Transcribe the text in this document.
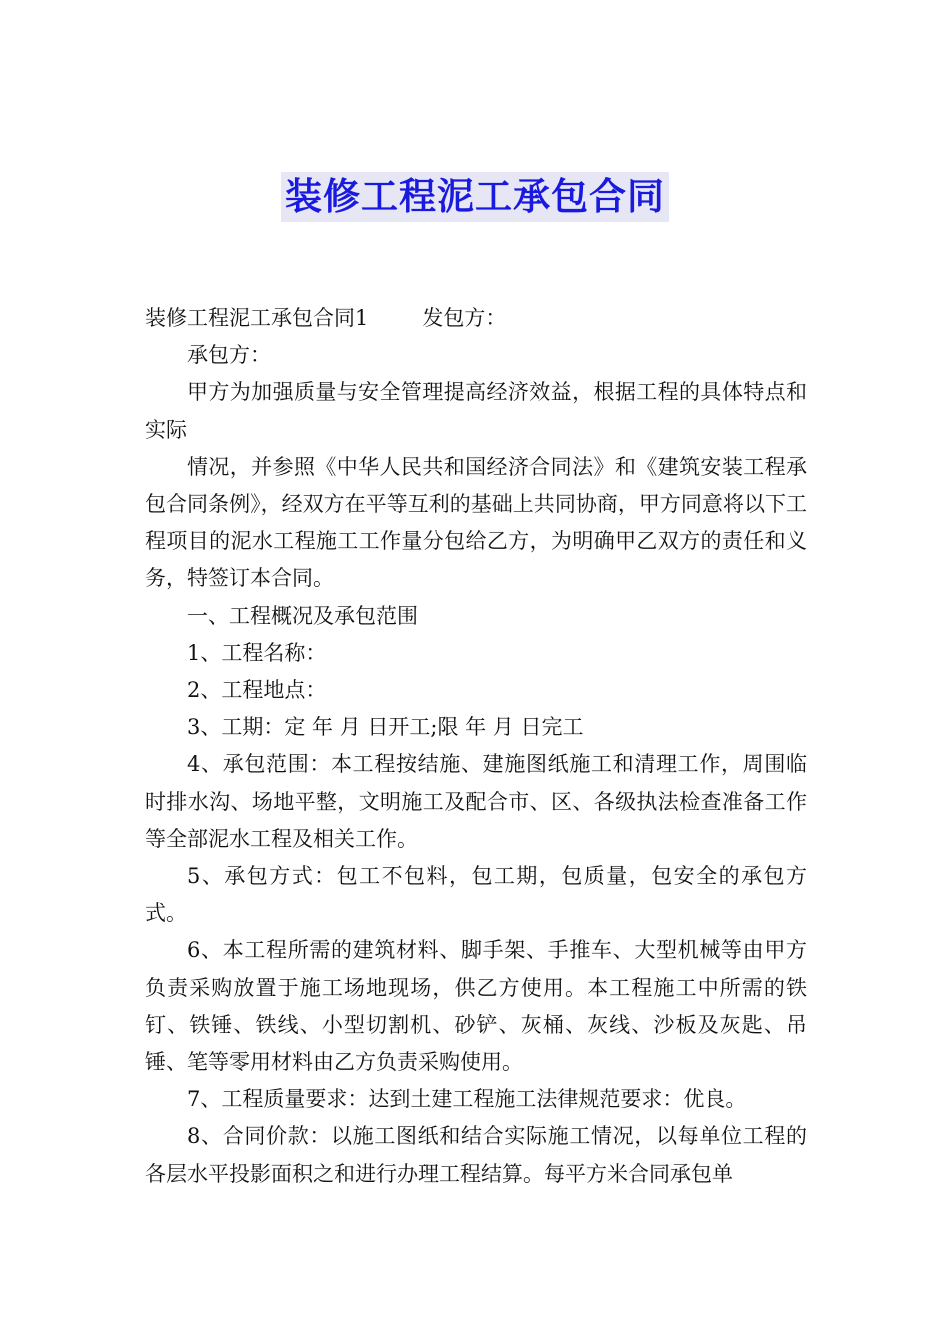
装修工程泥工承包合同

装修工程泥工承包合同1	发包方：

承包方：

甲方为加强质量与安全管理提高经济效益，根据工程的具体特点和实际

情况，并参照《中华人民共和国经济合同法》和《建筑安装工程承包合同条例》，经双方在平等互利的基础上共同协商，甲方同意将以下工程项目的泥水工程施工工作量分包给乙方，为明确甲乙双方的责任和义务，特签订本合同。

一、工程概况及承包范围

1、工程名称：

2、工程地点：

3、工期：定 年 月 日开工;限 年 月 日完工

4、承包范围：本工程按结施、建施图纸施工和清理工作，周围临时排水沟、场地平整，文明施工及配合市、区、各级执法检查准备工作等全部泥水工程及相关工作。

5、承包方式：包工不包料，包工期，包质量，包安全的承包方式。

6、本工程所需的建筑材料、脚手架、手推车、大型机械等由甲方负责采购放置于施工场地现场，供乙方使用。本工程施工中所需的铁钉、铁锤、铁线、小型切割机、砂铲、灰桶、灰线、沙板及灰匙、吊锤、笔等零用材料由乙方负责采购使用。

7、工程质量要求：达到土建工程施工法律规范要求：优良。

8、合同价款：以施工图纸和结合实际施工情况，以每单位工程的各层水平投影面积之和进行办理工程结算。每平方米合同承包单
